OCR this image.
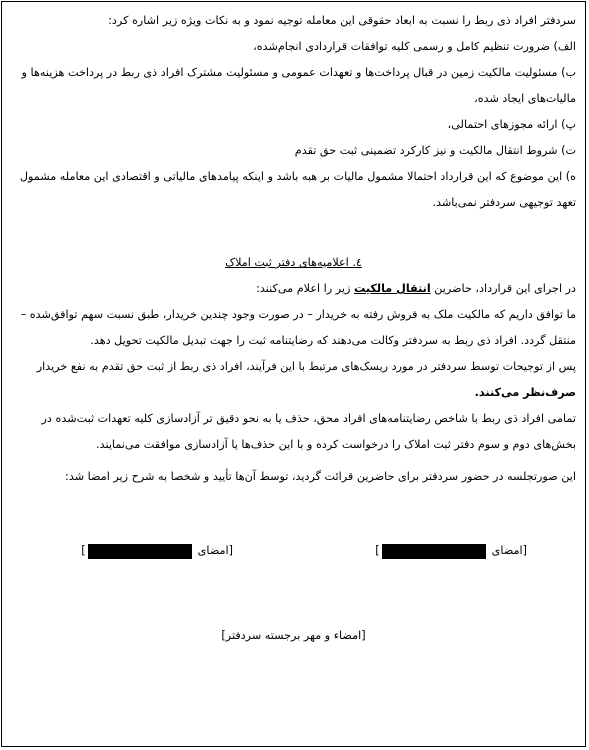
سردفتر افراد ذی ربط را نسبت به ابعاد حقوقی این معامله توجیه نمود و به نکات ویژه زیر اشاره کرد:

الف) ضرورت تنظیم کامل و رسمی کلیه توافقات قراردادی انجام‌شده،

ب) مسئولیت مالکیت زمین در قبال پرداخت‌ها و تعهدات عمومی و مسئولیت مشترک افراد ذی ربط در پرداخت هزینه‌ها و مالیات‌های ایجاد شده،

پ) ارائه مجوزهای احتمالی،

ت) شروط انتقال مالکیت و نیز کارکرد تضمینی ثبت حق تقدم

ه) این موضوع که این قرارداد احتمالا مشمول مالیات بر هبه باشد و اینکه پیامدهای مالیاتی و اقتصادی این معامله مشمول تعهد توجیهی سردفتر نمی‌باشد.

٤. اعلامیه‌های دفتر ثبت املاک

در اجرای این قرارداد، حاضرین انتقال مالکیت زیر را اعلام می‌کنند:

ما توافق داریم که مالکیت ملک به فروش رفته به خریدار – در صورت وجود چندین خریدار، طبق نسبت سهم توافق‌شده – منتقل گردد. افراد ذی ربط به سردفتر وکالت می‌دهند که رضایتنامه ثبت را جهت تبدیل مالکیت تحویل دهد.

پس از توجیحات توسط سردفتر در مورد ریسک‌های مرتبط با این فرآیند، افراد ذی ربط از ثبت حق تقدم به نفع خریدار صرف‌نظر می‌کنند.

تمامی افراد ذی ربط با شاخص رضایتنامه‌های افراد محق، حذف یا به نحو دقیق تر آزادسازی کلیه تعهدات ثبت‌شده در بخش‌های دوم و سوم دفتر ثبت املاک را درخواست کرده و با این حذف‌ها یا آزادسازی موافقت می‌نمایند.

این صورتجلسه در حضور سردفتر برای حاضرین قرائت گردید، توسط آن‌ها تأیید و شخصا به شرح زیر امضا شد:

[امضای]
[امضای]
[امضاء و مهر برجسته سردفتر]
